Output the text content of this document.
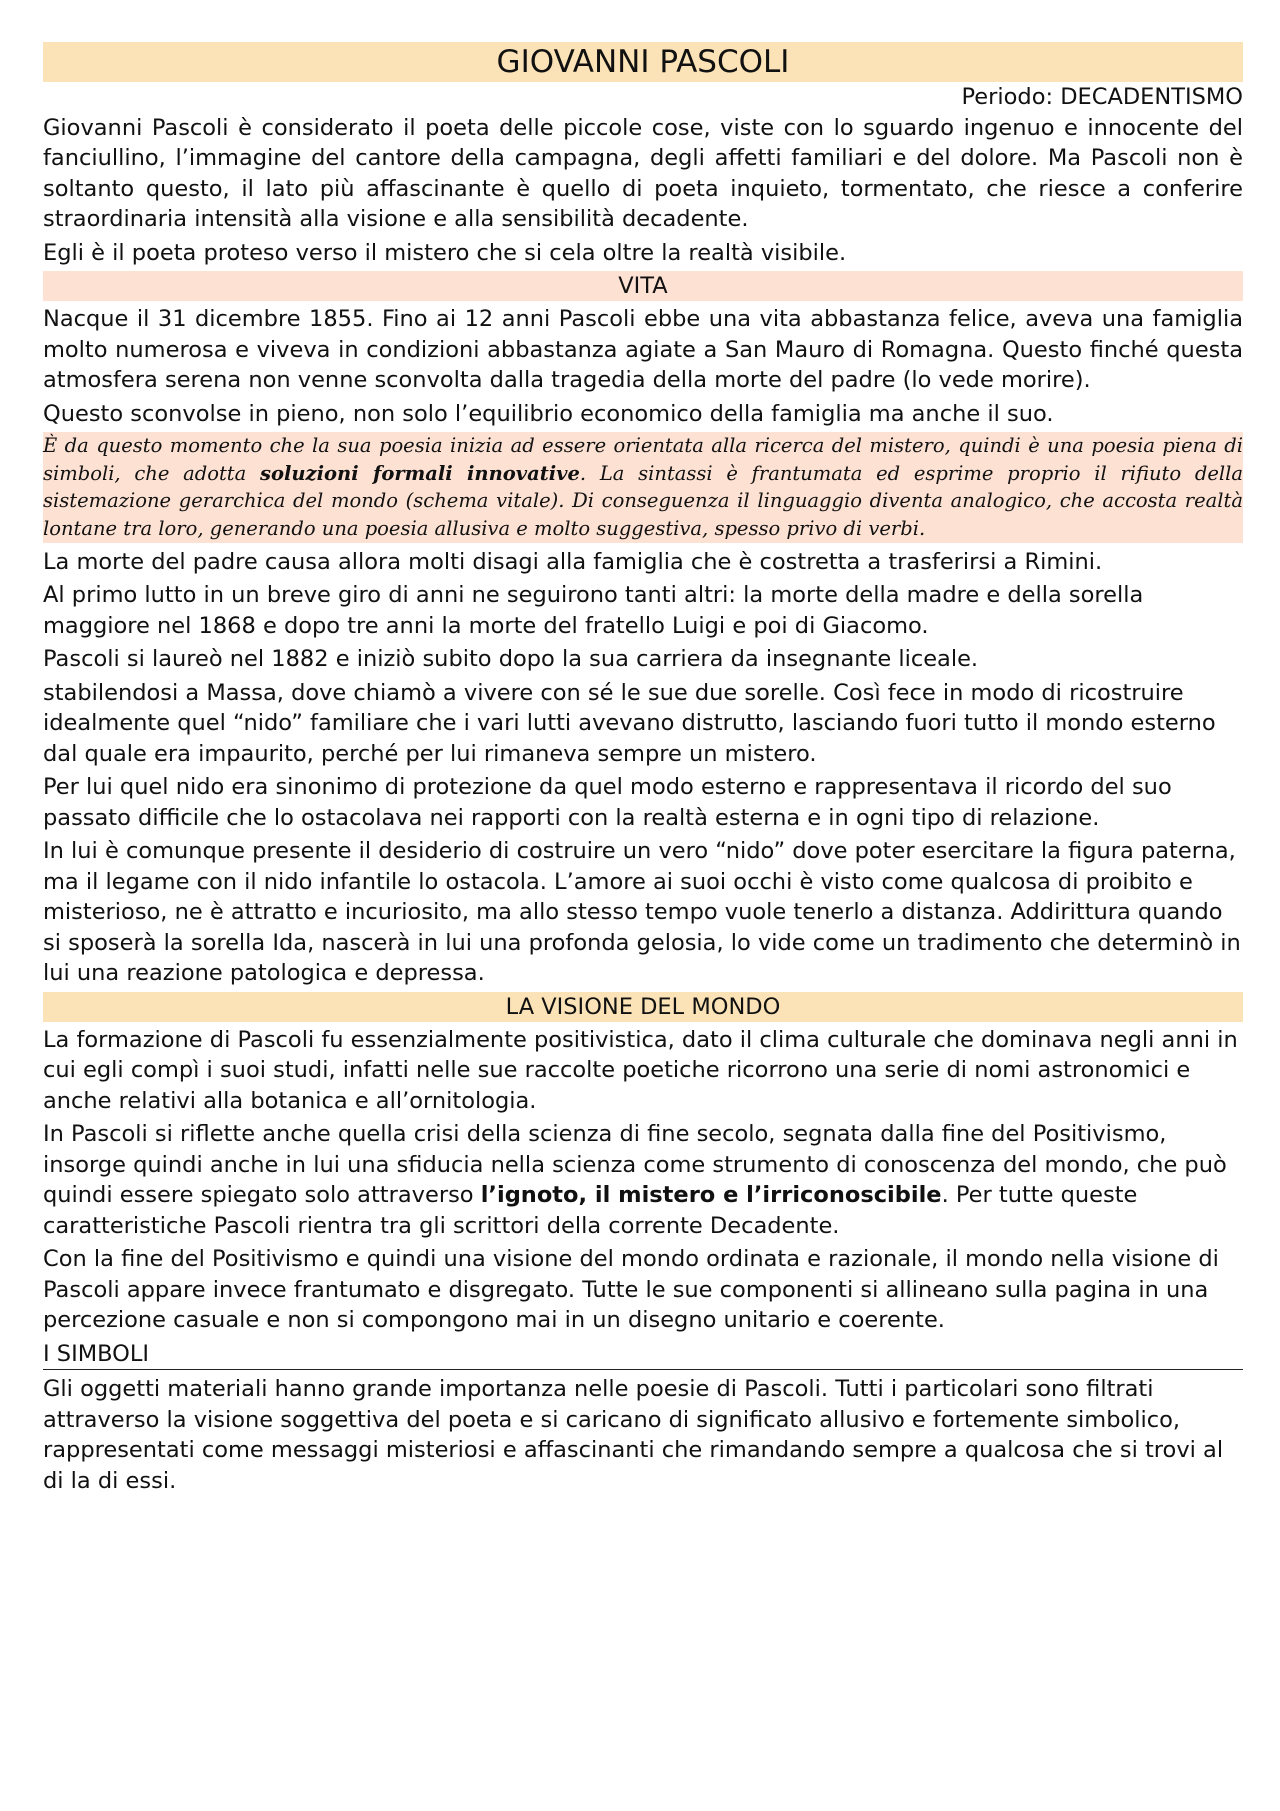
GIOVANNI PASCOLI

Periodo: DECADENTISMO

Giovanni Pascoli è considerato il poeta delle piccole cose, viste con lo sguardo ingenuo e innocente del fanciullino, l’immagine del cantore della campagna, degli affetti familiari e del dolore. Ma Pascoli non è soltanto questo, il lato più affascinante è quello di poeta inquieto, tormentato, che riesce a conferire straordinaria intensità alla visione e alla sensibilità decadente.

Egli è il poeta proteso verso il mistero che si cela oltre la realtà visibile.

VITA

Nacque il 31 dicembre 1855. Fino ai 12 anni Pascoli ebbe una vita abbastanza felice, aveva una famiglia molto numerosa e viveva in condizioni abbastanza agiate a San Mauro di Romagna. Questo finché questa atmosfera serena non venne sconvolta dalla tragedia della morte del padre (lo vede morire).

Questo sconvolse in pieno, non solo l’equilibrio economico della famiglia ma anche il suo.

È da questo momento che la sua poesia inizia ad essere orientata alla ricerca del mistero, quindi è una poesia piena di simboli, che adotta soluzioni formali innovative. La sintassi è frantumata ed esprime proprio il rifiuto della sistemazione gerarchica del mondo (schema vitale). Di conseguenza il linguaggio diventa analogico, che accosta realtà lontane tra loro, generando una poesia allusiva e molto suggestiva, spesso privo di verbi.

La morte del padre causa allora molti disagi alla famiglia che è costretta a trasferirsi a Rimini.

Al primo lutto in un breve giro di anni ne seguirono tanti altri: la morte della madre e della sorella maggiore nel 1868 e dopo tre anni la morte del fratello Luigi e poi di Giacomo.

Pascoli si laureò nel 1882 e iniziò subito dopo la sua carriera da insegnante liceale.

stabilendosi a Massa, dove chiamò a vivere con sé le sue due sorelle. Così fece in modo di ricostruire idealmente quel “nido” familiare che i vari lutti avevano distrutto, lasciando fuori tutto il mondo esterno dal quale era impaurito, perché per lui rimaneva sempre un mistero.

Per lui quel nido era sinonimo di protezione da quel modo esterno e rappresentava il ricordo del suo passato difficile che lo ostacolava nei rapporti con la realtà esterna e in ogni tipo di relazione.

In lui è comunque presente il desiderio di costruire un vero “nido” dove poter esercitare la figura paterna, ma il legame con il nido infantile lo ostacola. L’amore ai suoi occhi è visto come qualcosa di proibito e misterioso, ne è attratto e incuriosito, ma allo stesso tempo vuole tenerlo a distanza. Addirittura quando si sposerà la sorella Ida, nascerà in lui una profonda gelosia, lo vide come un tradimento che determinò in lui una reazione patologica e depressa.

LA VISIONE DEL MONDO

La formazione di Pascoli fu essenzialmente positivistica, dato il clima culturale che dominava negli anni in cui egli compì i suoi studi, infatti nelle sue raccolte poetiche ricorrono una serie di nomi astronomici e anche relativi alla botanica e all’ornitologia.

In Pascoli si riflette anche quella crisi della scienza di fine secolo, segnata dalla fine del Positivismo, insorge quindi anche in lui una sfiducia nella scienza come strumento di conoscenza del mondo, che può quindi essere spiegato solo attraverso l’ignoto, il mistero e l’irriconoscibile. Per tutte queste caratteristiche Pascoli rientra tra gli scrittori della corrente Decadente.

Con la fine del Positivismo e quindi una visione del mondo ordinata e razionale, il mondo nella visione di Pascoli appare invece frantumato e disgregato. Tutte le sue componenti si allineano sulla pagina in una percezione casuale e non si compongono mai in un disegno unitario e coerente.

I SIMBOLI

Gli oggetti materiali hanno grande importanza nelle poesie di Pascoli. Tutti i particolari sono filtrati attraverso la visione soggettiva del poeta e si caricano di significato allusivo e fortemente simbolico, rappresentati come messaggi misteriosi e affascinanti che rimandando sempre a qualcosa che si trovi al di la di essi.
